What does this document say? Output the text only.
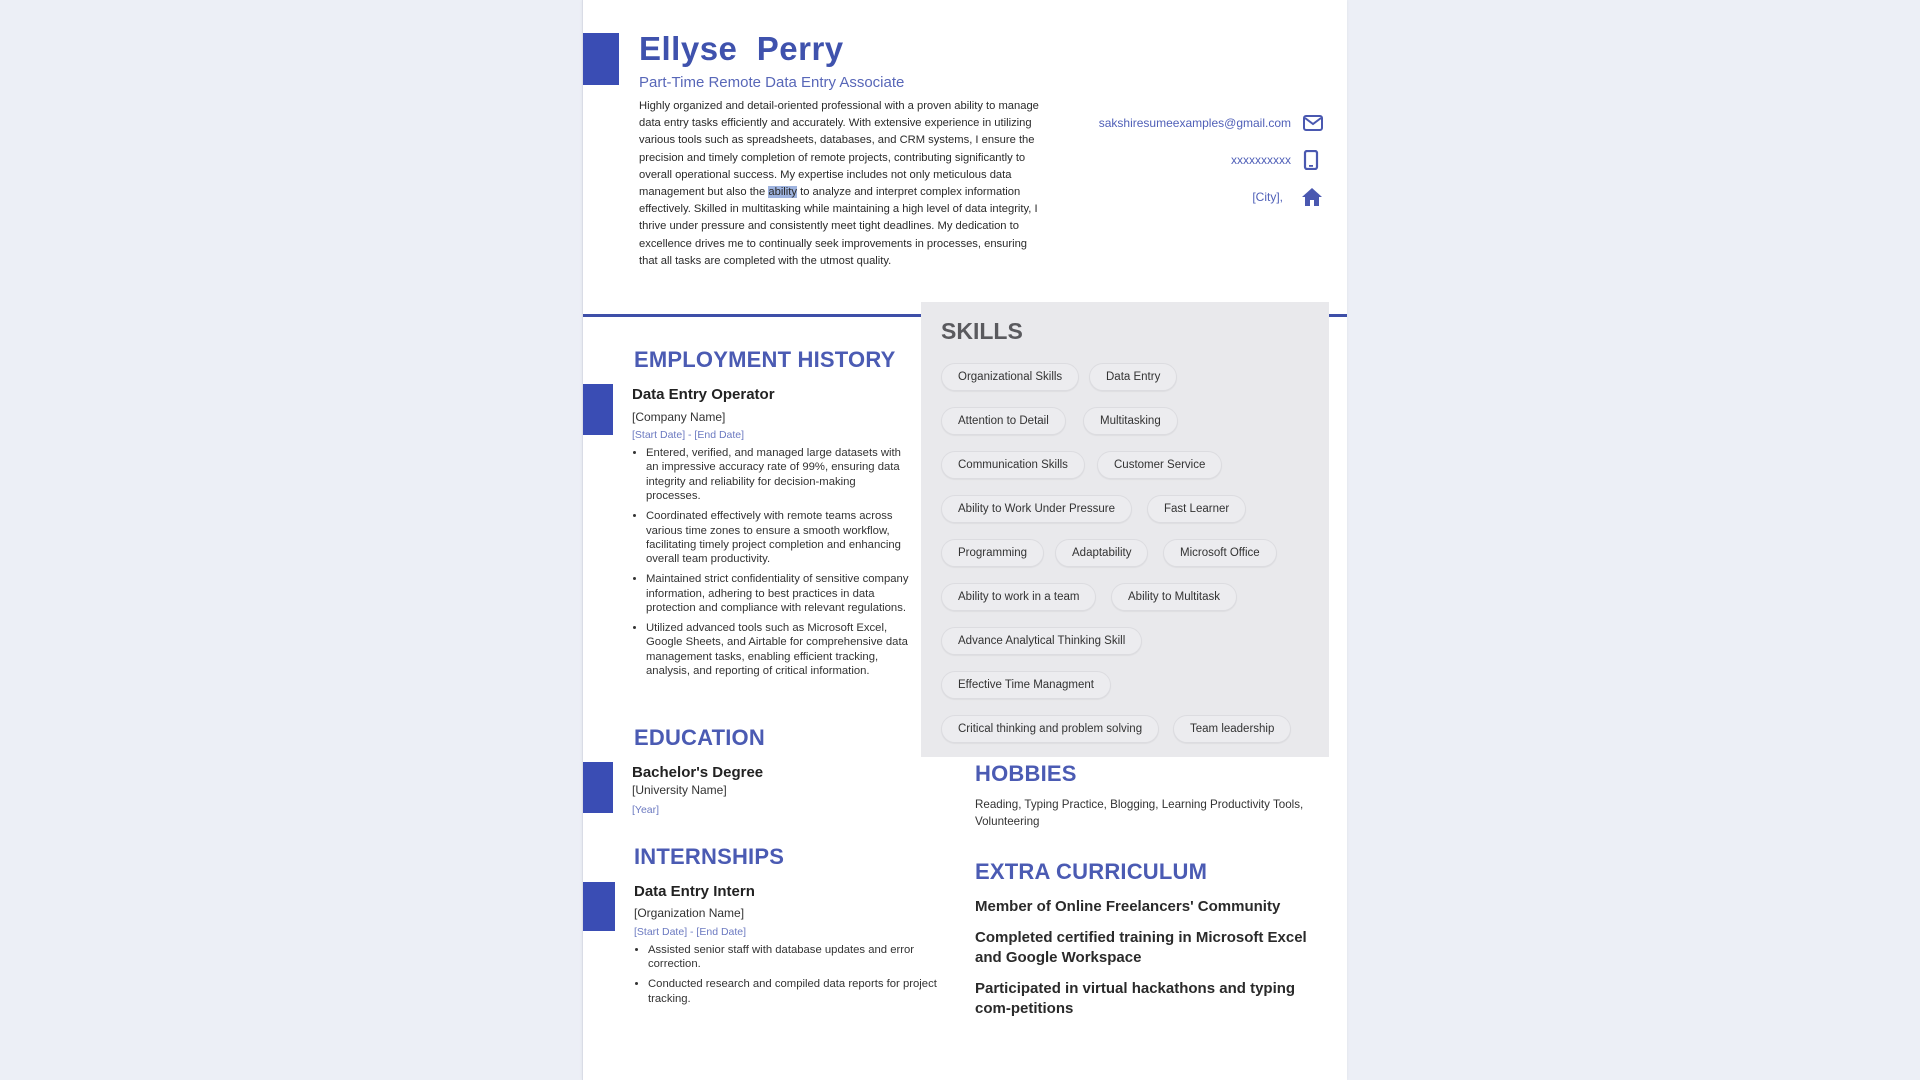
Ellyse  Perry
Part-Time Remote Data Entry Associate
Highly organized and detail-oriented professional with a proven ability to manage data entry tasks efficiently and accurately. With extensive experience in utilizing various tools such as spreadsheets, databases, and CRM systems, I ensure the precision and timely completion of remote projects, contributing significantly to overall operational success. My expertise includes not only meticulous data management but also the ability to analyze and interpret complex information effectively. Skilled in multitasking while maintaining a high level of data integrity, I thrive under pressure and consistently meet tight deadlines. My dedication to excellence drives me to continually seek improvements in processes, ensuring that all tasks are completed with the utmost quality.
sakshiresumeexamples@gmail.com
xxxxxxxxxx
[City],
SKILLS
Organizational Skills	Data Entry
Attention to Detail	Multitasking
Communication Skills	Customer Service
Ability to Work Under Pressure	Fast Learner
Programming	Adaptability	Microsoft Office
Ability to work in a team	Ability to Multitask
Advance Analytical Thinking Skill
Effective Time Managment
Critical thinking and problem solving	Team leadership
EMPLOYMENT HISTORY
Data Entry Operator
[Company Name]
[Start Date] - [End Date]
• Entered, verified, and managed large datasets with an impressive accuracy rate of 99%, ensuring data integrity and reliability for decision-making processes.
• Coordinated effectively with remote teams across various time zones to ensure a smooth workflow, facilitating timely project completion and enhancing overall team productivity.
• Maintained strict confidentiality of sensitive company information, adhering to best practices in data protection and compliance with relevant regulations.
• Utilized advanced tools such as Microsoft Excel, Google Sheets, and Airtable for comprehensive data management tasks, enabling efficient tracking, analysis, and reporting of critical information.
EDUCATION
Bachelor's Degree
[University Name]
[Year]
INTERNSHIPS
Data Entry Intern
[Organization Name]
[Start Date] - [End Date]
• Assisted senior staff with database updates and error correction.
• Conducted research and compiled data reports for project tracking.
HOBBIES
Reading, Typing Practice, Blogging, Learning Productivity Tools, Volunteering
EXTRA CURRICULUM
Member of Online Freelancers' Community
Completed certified training in Microsoft Excel and Google Workspace
Participated in virtual hackathons and typing com-petitions
